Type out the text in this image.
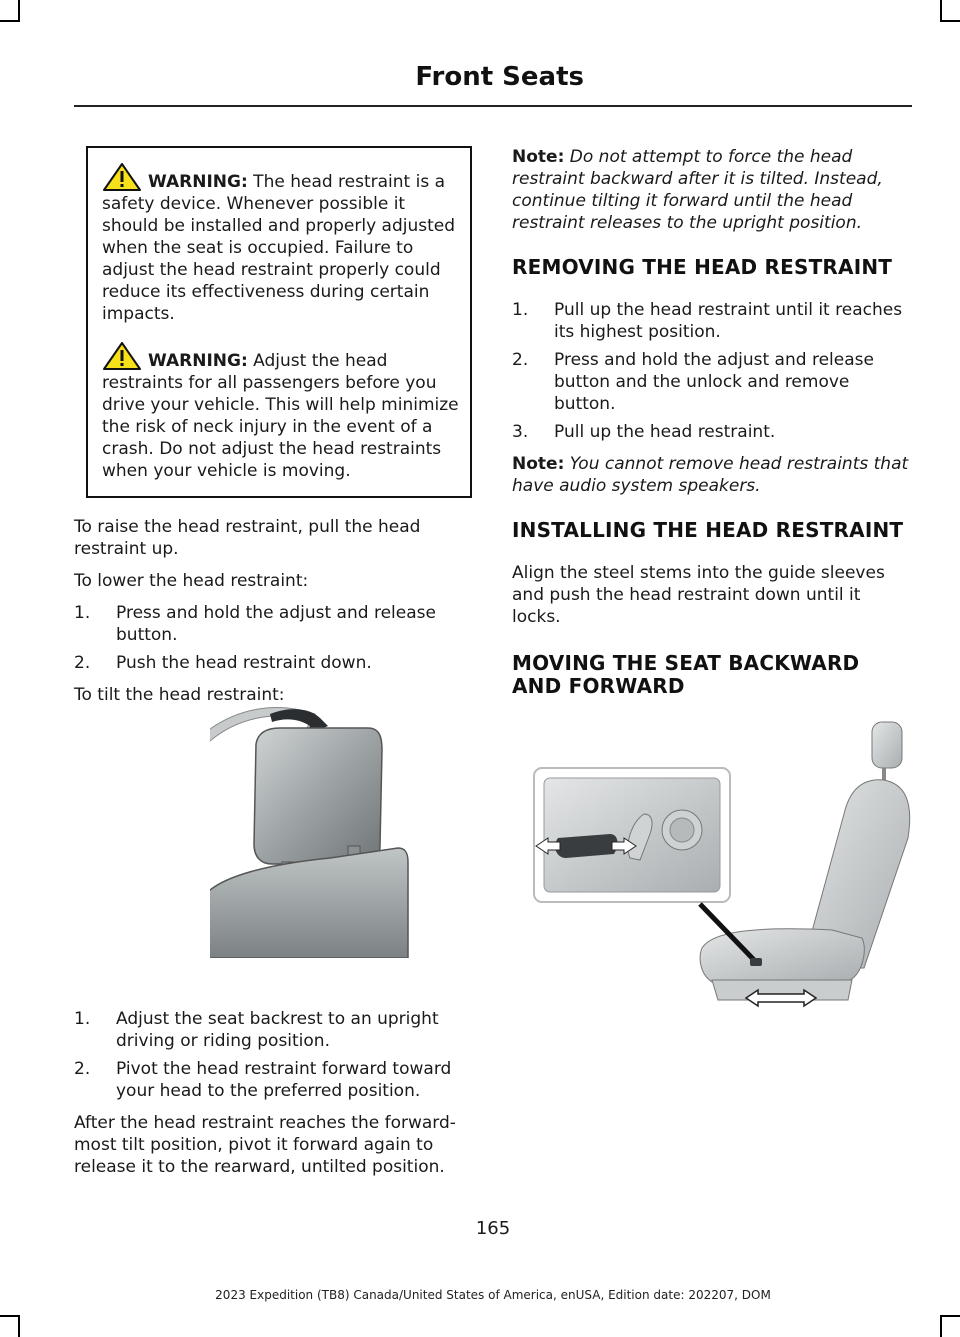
Front Seats

WARNING: The head restraint is a safety device. Whenever possible it should be installed and properly adjusted when the seat is occupied. Failure to adjust the head restraint properly could reduce its effectiveness during certain impacts.

WARNING: Adjust the head restraints for all passengers before you drive your vehicle. This will help minimize the risk of neck injury in the event of a crash. Do not adjust the head restraints when your vehicle is moving.

To raise the head restraint, pull the head restraint up.

To lower the head restraint:

1. Press and hold the adjust and release button.
2. Push the head restraint down.

To tilt the head restraint:

1. Adjust the seat backrest to an upright driving or riding position.
2. Pivot the head restraint forward toward your head to the preferred position.

After the head restraint reaches the forward-most tilt position, pivot it forward again to release it to the rearward, untilted position.

Note: Do not attempt to force the head restraint backward after it is tilted. Instead, continue tilting it forward until the head restraint releases to the upright position.

REMOVING THE HEAD RESTRAINT
1. Pull up the head restraint until it reaches its highest position.
2. Press and hold the adjust and release button and the unlock and remove button.
3. Pull up the head restraint.

Note: You cannot remove head restraints that have audio system speakers.

INSTALLING THE HEAD RESTRAINT

Align the steel stems into the guide sleeves and push the head restraint down until it locks.

MOVING THE SEAT BACKWARD AND FORWARD
165
2023 Expedition (TB8) Canada/United States of America, enUSA, Edition date: 202207, DOM
